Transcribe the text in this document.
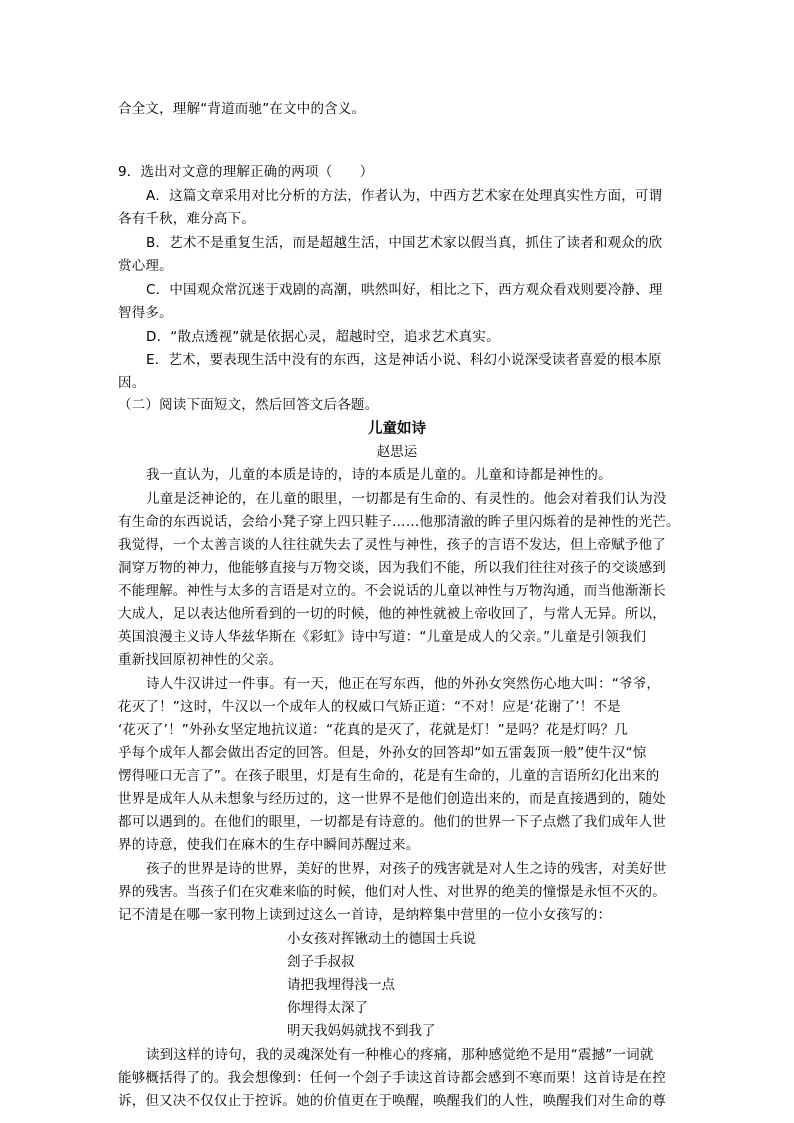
合全文，理解“背道而驰”在文中的含义。
9．选出对文意的理解正确的两项（　　）
A．这篇文章采用对比分析的方法，作者认为，中西方艺术家在处理真实性方面，可谓
各有千秋，难分高下。
B．艺术不是重复生活，而是超越生活，中国艺术家以假当真，抓住了读者和观众的欣
赏心理。
C．中国观众常沉迷于戏剧的高潮，哄然叫好，相比之下，西方观众看戏则要冷静、理
智得多。
D．“散点透视”就是依据心灵，超越时空，追求艺术真实。
E．艺术，要表现生活中没有的东西，这是神话小说、科幻小说深受读者喜爱的根本原
因。
（二）阅读下面短文，然后回答文后各题。
儿童如诗
赵思运
我一直认为，儿童的本质是诗的，诗的本质是儿童的。儿童和诗都是神性的。
儿童是泛神论的，在儿童的眼里，一切都是有生命的、有灵性的。他会对着我们认为没
有生命的东西说话，会给小凳子穿上四只鞋子……他那清澈的眸子里闪烁着的是神性的光芒。
我觉得，一个太善言谈的人往往就失去了灵性与神性，孩子的言语不发达，但上帝赋予他了
洞穿万物的神力，他能够直接与万物交谈，因为我们不能，所以我们往往对孩子的交谈感到
不能理解。神性与太多的言语是对立的。不会说话的儿童以神性与万物沟通，而当他渐渐长
大成人，足以表达他所看到的一切的时候，他的神性就被上帝收回了，与常人无异。所以，
英国浪漫主义诗人华兹华斯在《彩虹》诗中写道：“儿童是成人的父亲。”儿童是引领我们
重新找回原初神性的父亲。
诗人牛汉讲过一件事。有一天，他正在写东西，他的外孙女突然伤心地大叫：“爷爷，
花灭了！”这时，牛汉以一个成年人的权威口气矫正道：“不对！应是‘花谢了’！不是
‘花灭了’！”外孙女坚定地抗议道：“花真的是灭了，花就是灯！”是吗？花是灯吗？几
乎每个成年人都会做出否定的回答。但是，外孙女的回答却“如五雷轰顶一般”使牛汉“惊
愣得哑口无言了”。在孩子眼里，灯是有生命的，花是有生命的，儿童的言语所幻化出来的
世界是成年人从未想象与经历过的，这一世界不是他们创造出来的，而是直接遇到的，随处
都可以遇到的。在他们的眼里，一切都是有诗意的。他们的世界一下子点燃了我们成年人世
界的诗意，使我们在麻木的生存中瞬间苏醒过来。
孩子的世界是诗的世界，美好的世界，对孩子的残害就是对人生之诗的残害，对美好世
界的残害。当孩子们在灾难来临的时候，他们对人性、对世界的绝美的憧憬是永恒不灭的。
记不清是在哪一家刊物上读到过这么一首诗，是纳粹集中营里的一位小女孩写的：
小女孩对挥锹动土的德国士兵说
刽子手叔叔
请把我埋得浅一点
你埋得太深了
明天我妈妈就找不到我了
读到这样的诗句，我的灵魂深处有一种椎心的疼痛，那种感觉绝不是用“震撼”一词就
能够概括得了的。我会想像到：任何一个刽子手读这首诗都会感到不寒而栗！这首诗是在控
诉，但又决不仅仅止于控诉。她的价值更在于唤醒，唤醒我们的人性，唤醒我们对生命的尊
